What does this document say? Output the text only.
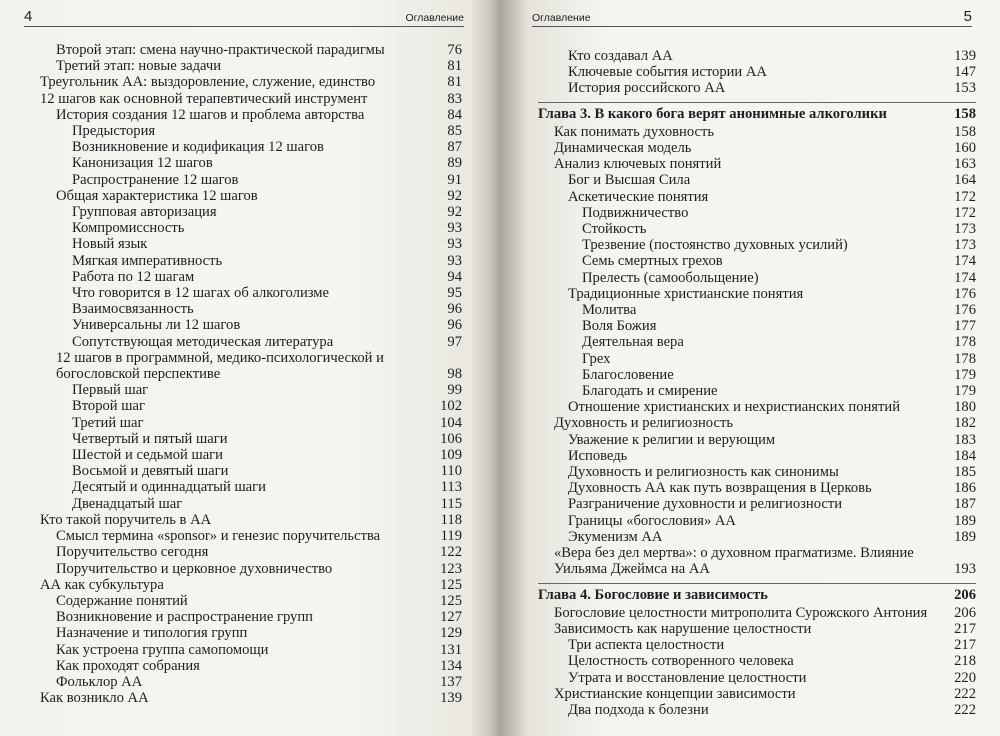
4	Оглавление
Второй этап: смена научно-практической парадигмы	76
Третий этап: новые задачи	81
Треугольник АА: выздоровление, служение, единство	81
12 шагов как основной терапевтический инструмент	83
История создания 12 шагов и проблема авторства	84
Предыстория	85
Возникновение и кодификация 12 шагов	87
Канонизация 12 шагов	89
Распространение 12 шагов	91
Общая характеристика 12 шагов	92
Групповая авторизация	92
Компромиссность	93
Новый язык	93
Мягкая императивность	93
Работа по 12 шагам	94
Что говорится в 12 шагах об алкоголизме	95
Взаимосвязанность	96
Универсальны ли 12 шагов	96
Сопутствующая методическая литература	97
12 шагов в программной, медико-психологической и богословской перспективе	98
Первый шаг	99
Второй шаг	102
Третий шаг	104
Четвертый и пятый шаги	106
Шестой и седьмой шаги	109
Восьмой и девятый шаги	110
Десятый и одиннадцатый шаги	113
Двенадцатый шаг	115
Кто такой поручитель в АА	118
Смысл термина «sponsor» и генезис поручительства	119
Поручительство сегодня	122
Поручительство и церковное духовничество	123
АА как субкультура	125
Содержание понятий	125
Возникновение и распространение групп	127
Назначение и типология групп	129
Как устроена группа самопомощи	131
Как проходят собрания	134
Фольклор АА	137
Как возникло АА	139
Оглавление	5
Кто создавал АА	139
Ключевые события истории АА	147
История российского АА	153
Глава 3. В какого бога верят анонимные алкоголики	158
Как понимать духовность	158
Динамическая модель	160
Анализ ключевых понятий	163
Бог и Высшая Сила	164
Аскетические понятия	172
Подвижничество	172
Стойкость	173
Трезвение (постоянство духовных усилий)	173
Семь смертных грехов	174
Прелесть (самообольщение)	174
Традиционные христианские понятия	176
Молитва	176
Воля Божия	177
Деятельная вера	178
Грех	178
Благословение	179
Благодать и смирение	179
Отношение христианских и нехристианских понятий	180
Духовность и религиозность	182
Уважение к религии и верующим	183
Исповедь	184
Духовность и религиозность как синонимы	185
Духовность АА как путь возвращения в Церковь	186
Разграничение духовности и религиозности	187
Границы «богословия» АА	189
Экуменизм АА	189
«Вера без дел мертва»: о духовном прагматизме. Влияние Уильяма Джеймса на АА	193
Глава 4. Богословие и зависимость	206
Богословие целостности митрополита Сурожского Антония	206
Зависимость как нарушение целостности	217
Три аспекта целостности	217
Целостность сотворенного человека	218
Утрата и восстановление целостности	220
Христианские концепции зависимости	222
Два подхода к болезни	222
